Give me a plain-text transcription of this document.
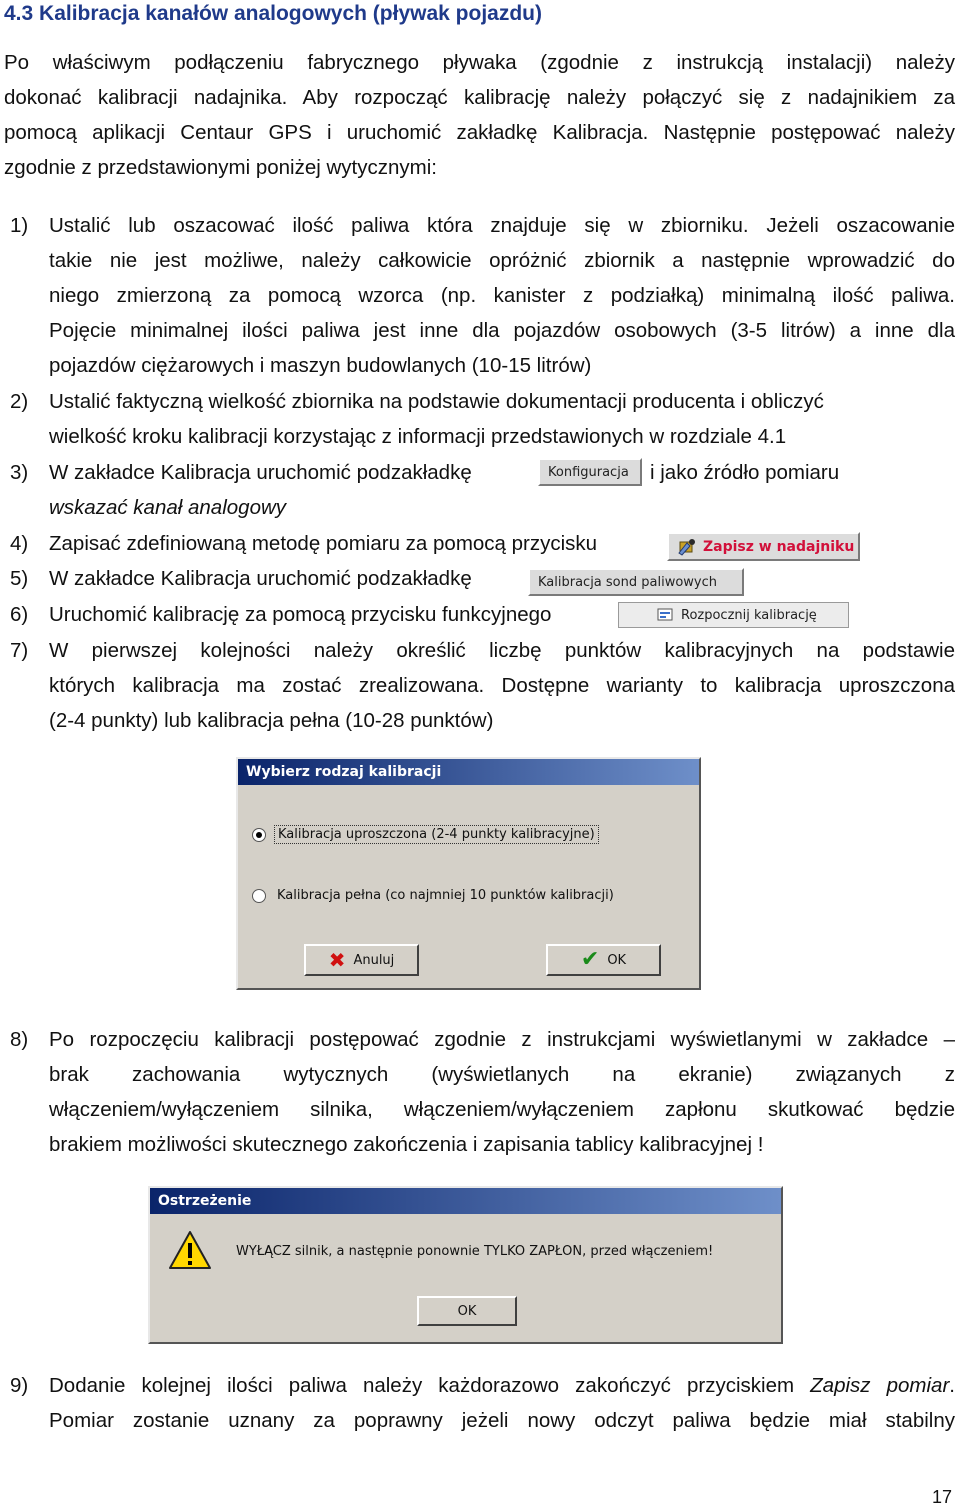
4.3 Kalibracja kanałów analogowych (pływak pojazdu)
Po właściwym podłączeniu fabrycznego pływaka (zgodnie z instrukcją instalacji) należy
dokonać kalibracji nadajnika. Aby rozpocząć kalibrację należy połączyć się z nadajnikiem za
pomocą aplikacji Centaur GPS i uruchomić zakładkę Kalibracja. Następnie postępować należy
zgodnie z przedstawionymi poniżej wytycznymi:
1) Ustalić lub oszacować ilość paliwa która znajduje się w zbiorniku. Jeżeli oszacowanie
takie nie jest możliwe, należy całkowicie opróżnić zbiornik a następnie wprowadzić do
niego zmierzoną za pomocą wzorca (np. kanister z podziałką) minimalną ilość paliwa.
Pojęcie minimalnej ilości paliwa jest inne dla pojazdów osobowych (3-5 litrów) a inne dla
pojazdów ciężarowych i maszyn budowlanych (10-15 litrów)
2) Ustalić faktyczną wielkość zbiornika na podstawie dokumentacji producenta i obliczyć
wielkość kroku kalibracji korzystając z informacji przedstawionych w rozdziale 4.1
3) W zakładce Kalibracja uruchomić podzakładkę	Konfiguracja i jako źródło pomiaru
wskazać kanał analogowy
4) Zapisać zdefiniowaną metodę pomiaru za pomocą przycisku	Zapisz w nadajniku
5) W zakładce Kalibracja uruchomić podzakładkę	Kalibracja sond paliwowych
6) Uruchomić kalibrację za pomocą przycisku funkcyjnego	Rozpocznij kalibrację
7) W pierwszej kolejności należy określić liczbę punktów kalibracyjnych na podstawie
których kalibracja ma zostać zrealizowana. Dostępne warianty to kalibracja uproszczona
(2-4 punkty) lub kalibracja pełna (10-28 punktów)
Wybierz rodzaj kalibracji
Kalibracja uproszczona (2-4 punkty kalibracyjne)
Kalibracja pełna (co najmniej 10 punktów kalibracji)
✖ Anuluj	✔ OK
8) Po rozpoczęciu kalibracji postępować zgodnie z instrukcjami wyświetlanymi w zakładce –
brak zachowania wytycznych (wyświetlanych na ekranie) związanych z
włączeniem/wyłączeniem silnika, włączeniem/wyłączeniem zapłonu skutkować będzie
brakiem możliwości skutecznego zakończenia i zapisania tablicy kalibracyjnej !
Ostrzeżenie
WYŁĄCZ silnik, a następnie ponownie TYLKO ZAPŁON, przed włączeniem!
OK
9) Dodanie kolejnej ilości paliwa należy każdorazowo zakończyć przyciskiem Zapisz pomiar.
Pomiar zostanie uznany za poprawny jeżeli nowy odczyt paliwa będzie miał stabilny
17
